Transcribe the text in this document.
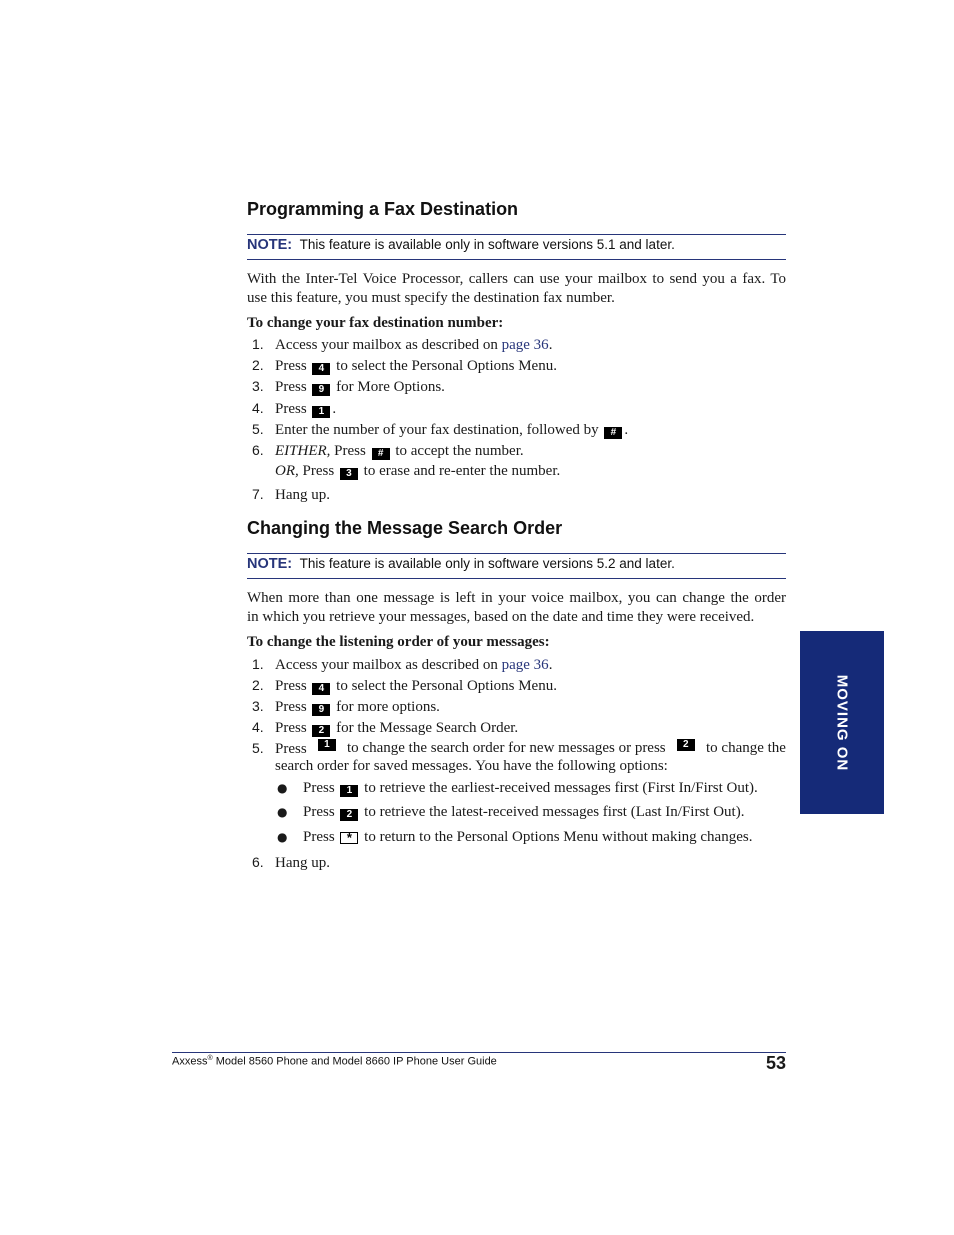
Programming a Fax Destination
NOTE: This feature is available only in software versions 5.1 and later.

With the Inter-Tel Voice Processor, callers can use your mailbox to send you a fax. To

use this feature, you must specify the destination fax number.

To change your fax destination number:
1. Access your mailbox as described on page 36.
2. Press 4 to select the Personal Options Menu.
3. Press 9 for More Options.
4. Press 1 .
5. Enter the number of your fax destination, followed by # .
6. EITHER, Press # to accept the number.
OR, Press 3 to erase and re-enter the number.
7. Hang up.
Changing the Message Search Order
NOTE: This feature is available only in software versions 5.2 and later.

When more than one message is left in your voice mailbox, you can change the order

in which you retrieve your messages, based on the date and time they were received.

To change the listening order of your messages:
1. Access your mailbox as described on page 36.
2. Press 4 to select the Personal Options Menu.
3. Press 9 for more options.
4. Press 2 for the Message Search Order.
5. Press	1	to change the search order for new messages or press	2	to change the
search order for saved messages. You have the following options:
● Press 1 to retrieve the earliest-received messages first (First In/First Out).
● Press 2 to retrieve the latest-received messages first (Last In/First Out).
● Press * to return to the Personal Options Menu without making changes.
6. Hang up.
MOVING ON
Axxess® Model 8560 Phone and Model 8660 IP Phone User Guide	53
